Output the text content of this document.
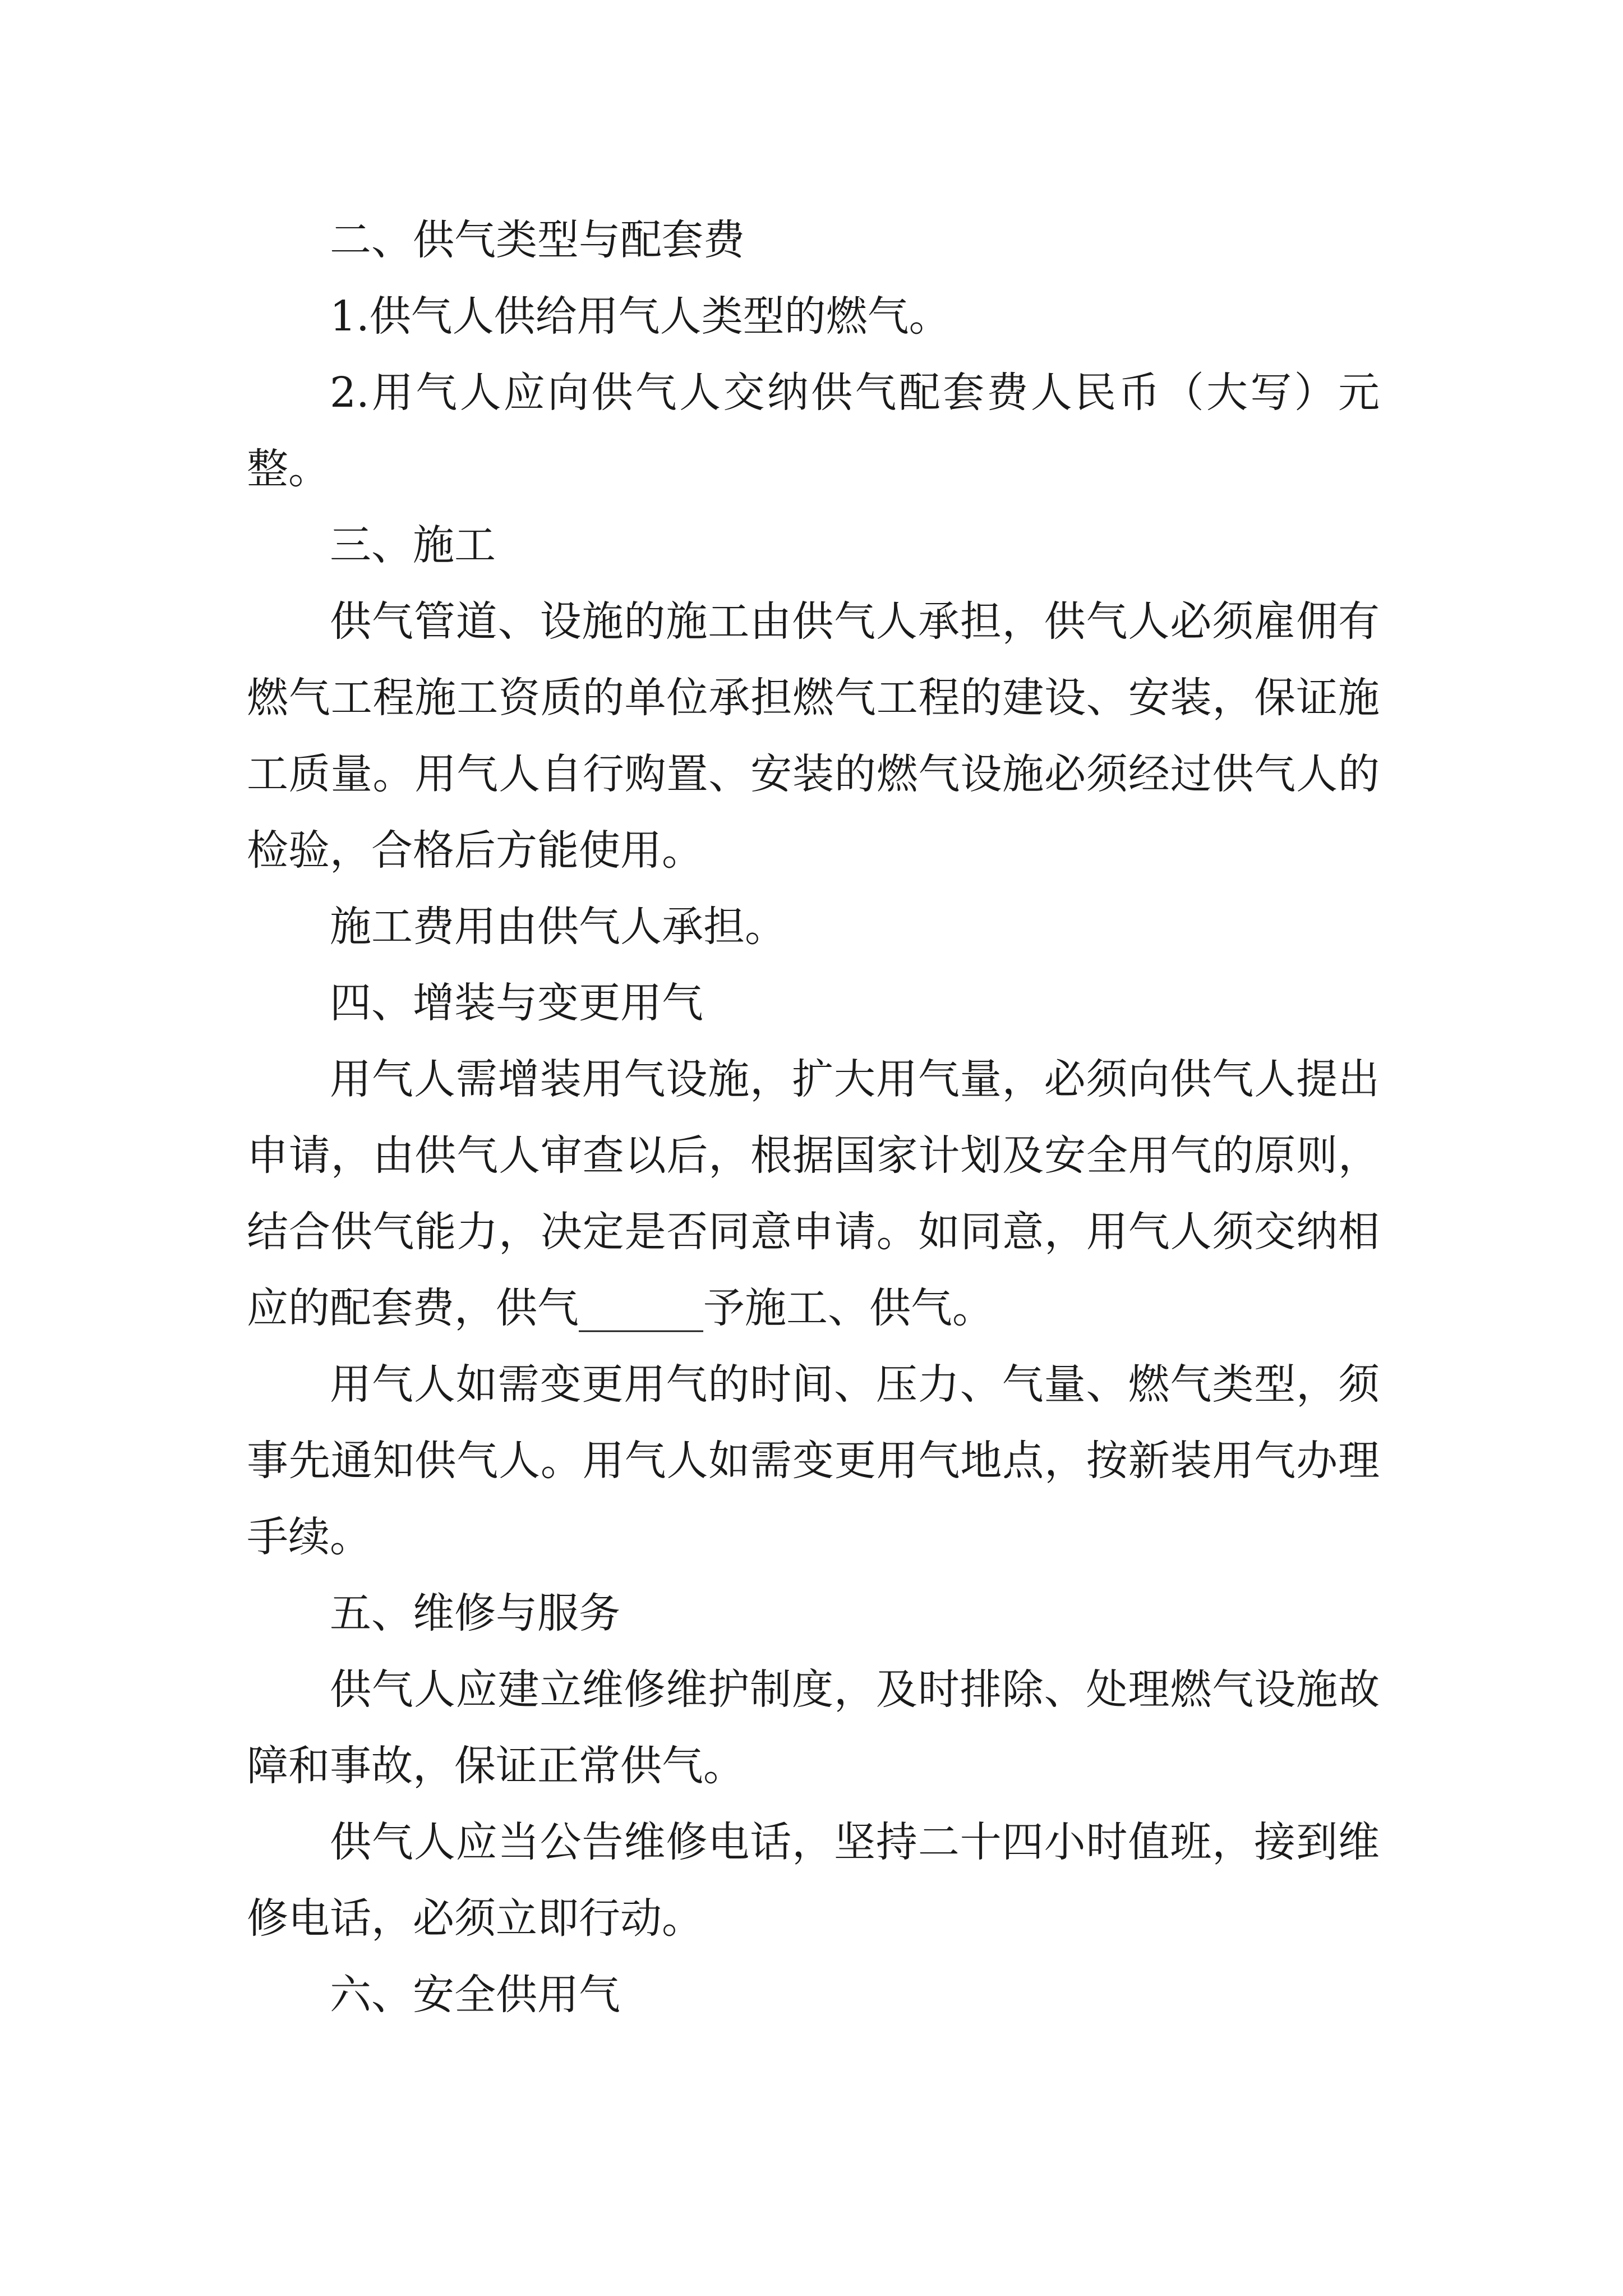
二、供气类型与配套费

1.供气人供给用气人类型的燃气。

2.用气人应向供气人交纳供气配套费人民币（大写）元整。

三、施工

供气管道、设施的施工由供气人承担，供气人必须雇佣有燃气工程施工资质的单位承担燃气工程的建设、安装，保证施工质量。用气人自行购置、安装的燃气设施必须经过供气人的检验，合格后方能使用。

施工费用由供气人承担。

四、增装与变更用气

用气人需增装用气设施，扩大用气量，必须向供气人提出申请，由供气人审查以后，根据国家计划及安全用气的原则，结合供气能力，决定是否同意申请。如同意，用气人须交纳相应的配套费，供气______予施工、供气。

用气人如需变更用气的时间、压力、气量、燃气类型，须事先通知供气人。用气人如需变更用气地点，按新装用气办理手续。

五、维修与服务

供气人应建立维修维护制度，及时排除、处理燃气设施故障和事故，保证正常供气。

供气人应当公告维修电话，坚持二十四小时值班，接到维修电话，必须立即行动。

六、安全供用气
